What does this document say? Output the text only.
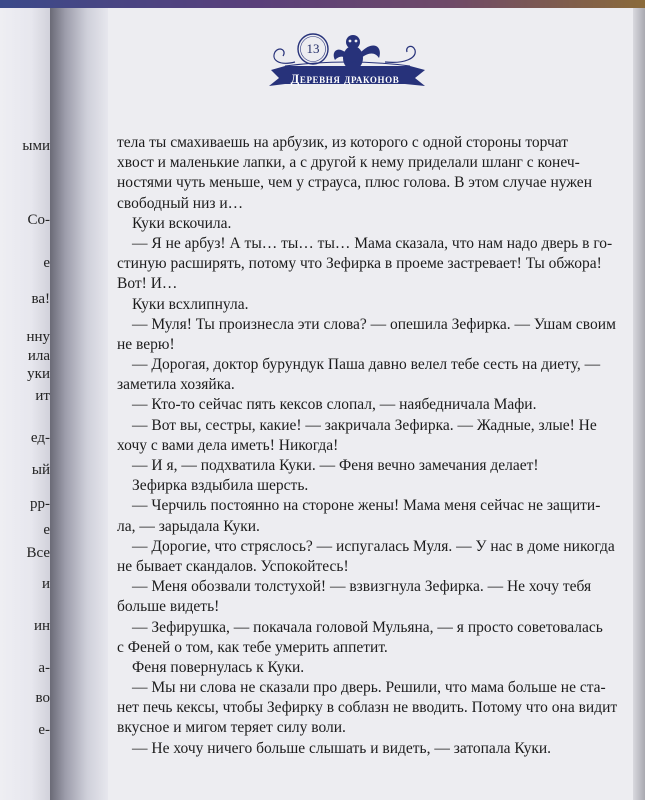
ыми
Со-
е
ва!
нну
ила
уки
ит
ед-
ый
рр-
е
Все
и
ин
а-
во
е-
13
Деревня драконов
тела ты смахиваешь на арбузик, из которого с одной стороны торчат
хвост и маленькие лапки, а с другой к нему приделали шланг с конеч-
ностями чуть меньше, чем у страуса, плюс голова. В этом случае нужен
свободный низ и…
Куки вскочила.
— Я не арбуз! А ты… ты… ты… Мама сказала, что нам надо дверь в го-
стиную расширять, потому что Зефирка в проеме застревает! Ты обжора!
Вот! И…
Куки всхлипнула.
— Муля! Ты произнесла эти слова? — опешила Зефирка. — Ушам своим
не верю!
— Дорогая, доктор бурундук Паша давно велел тебе сесть на диету, —
заметила хозяйка.
— Кто-то сейчас пять кексов слопал, — наябедничала Мафи.
— Вот вы, сестры, какие! — закричала Зефирка. — Жадные, злые! Не
хочу с вами дела иметь! Никогда!
— И я, — подхватила Куки. — Феня вечно замечания делает!
Зефирка вздыбила шерсть.
— Черчиль постоянно на стороне жены! Мама меня сейчас не защити-
ла, — зарыдала Куки.
— Дорогие, что стряслось? — испугалась Муля. — У нас в доме никогда
не бывает скандалов. Успокойтесь!
— Меня обозвали толстухой! — взвизгнула Зефирка. — Не хочу тебя
больше видеть!
— Зефирушка, — покачала головой Мульяна, — я просто советовалась
с Феней о том, как тебе умерить аппетит.
Феня повернулась к Куки.
— Мы ни слова не сказали про дверь. Решили, что мама больше не ста-
нет печь кексы, чтобы Зефирку в соблазн не вводить. Потому что она видит
вкусное и мигом теряет силу воли.
— Не хочу ничего больше слышать и видеть, — затопала Куки.
